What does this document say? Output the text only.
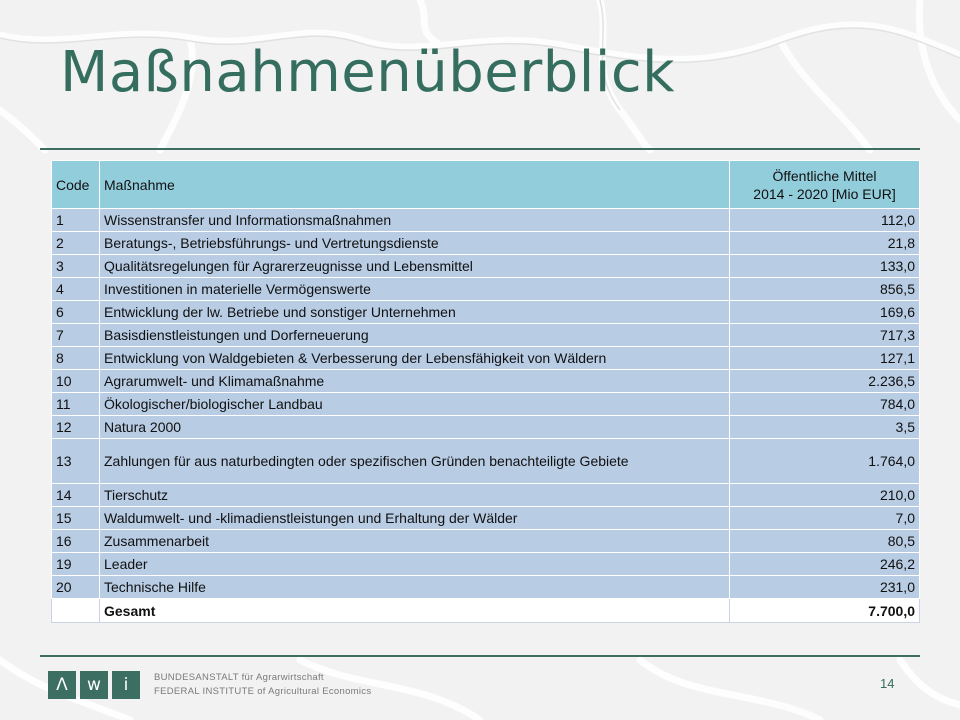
Maßnahmenüberblick
Code	Maßnahme	Öffentliche Mittel
2014 - 2020 [Mio EUR]
1	Wissenstransfer und Informationsmaßnahmen	112,0
2	Beratungs-, Betriebsführungs- und Vertretungsdienste	21,8
3	Qualitätsregelungen für Agrarerzeugnisse und Lebensmittel	133,0
4	Investitionen in materielle Vermögenswerte	856,5
6	Entwicklung der lw. Betriebe und sonstiger Unternehmen	169,6
7	Basisdienstleistungen und Dorferneuerung	717,3
8	Entwicklung von Waldgebieten & Verbesserung der Lebensfähigkeit von Wäldern	127,1
10	Agrarumwelt- und Klimamaßnahme	2.236,5
11	Ökologischer/biologischer Landbau	784,0
12	Natura 2000	3,5
13	Zahlungen für aus naturbedingten oder spezifischen Gründen benachteiligte Gebiete	1.764,0
14	Tierschutz	210,0
15	Waldumwelt- und -klimadienstleistungen und Erhaltung der Wälder	7,0
16	Zusammenarbeit	80,5
19	Leader	246,2
20	Technische Hilfe	231,0
	Gesamt	7.700,0
Λ	w	i	BUNDESANSTALT für Agrarwirtschaft
FEDERAL INSTITUTE of Agricultural Economics
14
